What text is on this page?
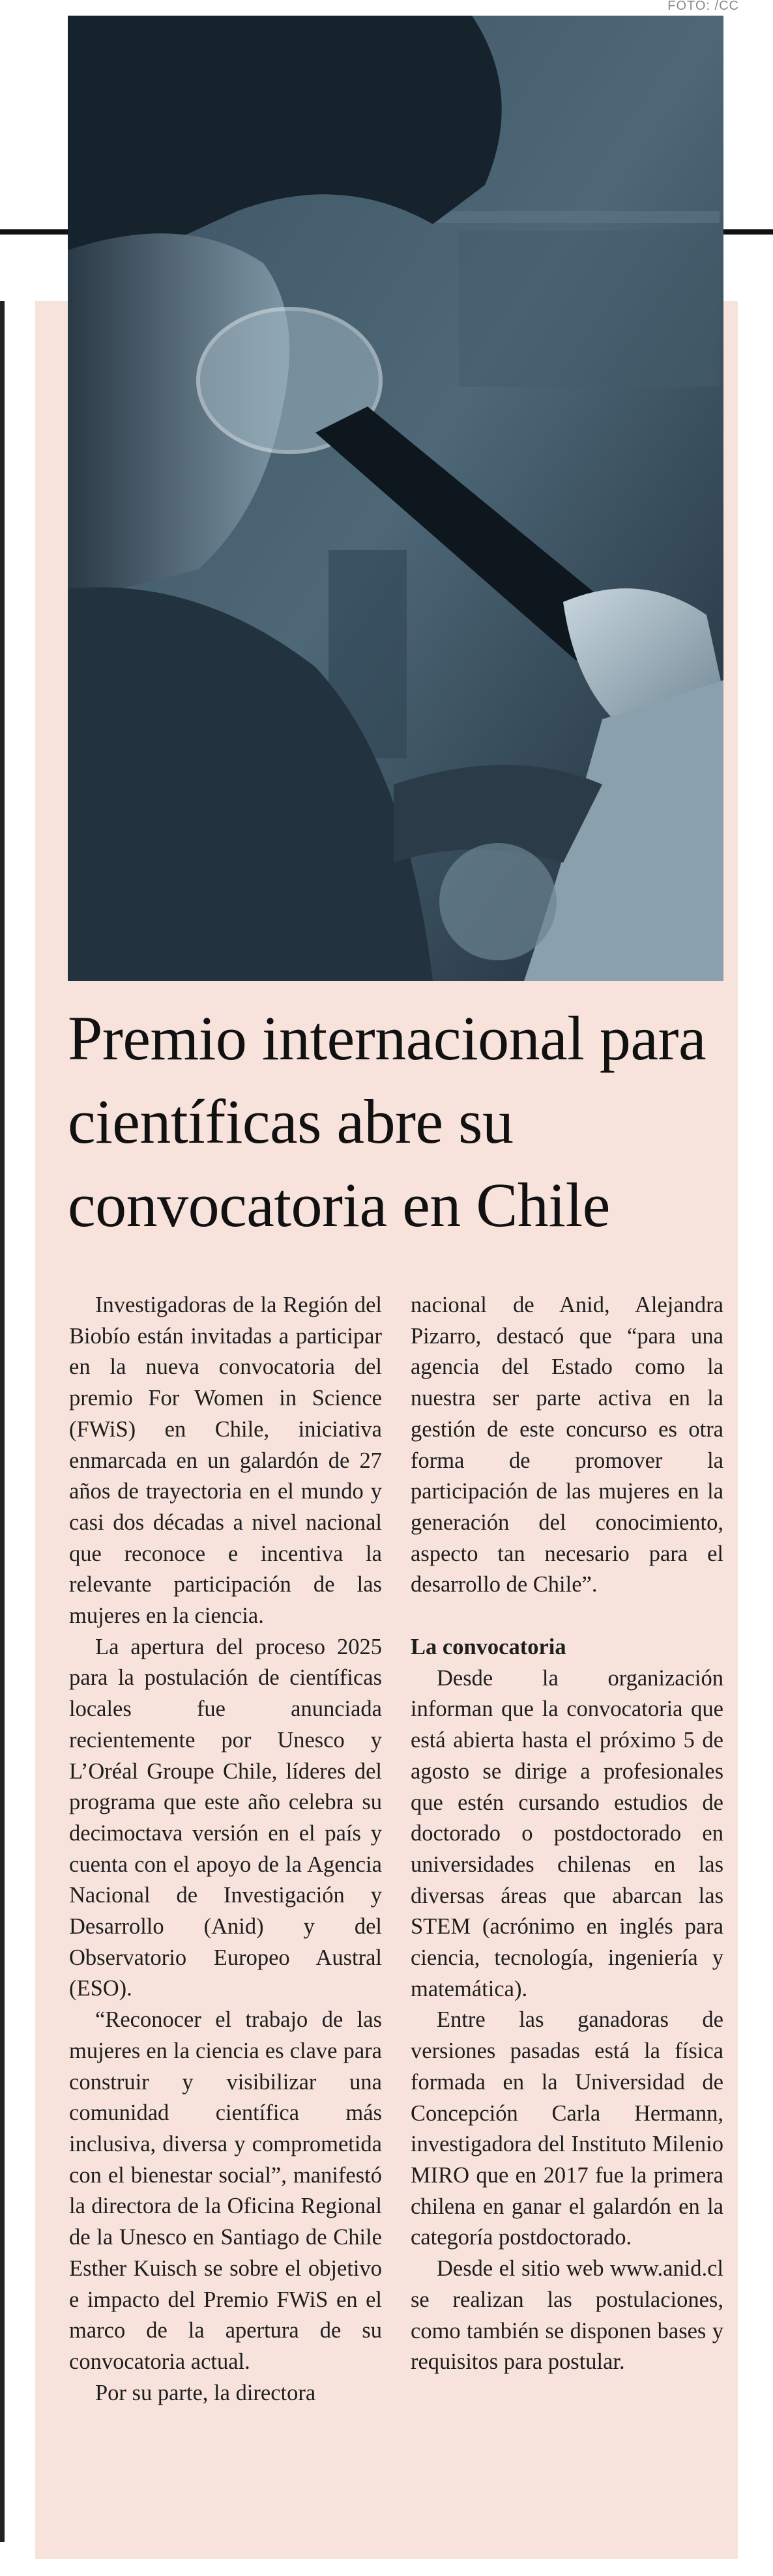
FOTO: /CC
Premio internacional para científicas abre su convocatoria en Chile

Investigadoras de la Región del Biobío están invitadas a participar en la nueva convocatoria del premio For Women in Science (FWiS) en Chile, iniciativa enmarcada en un galardón de 27 años de trayectoria en el mundo y casi dos décadas a nivel nacional que reconoce e incentiva la relevante participación de las mujeres en la ciencia.

La apertura del proceso 2025 para la postulación de científicas locales fue anunciada recientemente por Unesco y L’Oréal Groupe Chile, líderes del programa que este año celebra su decimoctava versión en el país y cuenta con el apoyo de la Agencia Nacional de Investigación y Desarrollo (Anid) y del Observatorio Europeo Austral (ESO).

“Reconocer el trabajo de las mujeres en la ciencia es clave para construir y visibilizar una comunidad científica más inclusiva, diversa y comprometida con el bienestar social”, manifestó la directora de la Oficina Regional de la Unesco en Santiago de Chile Esther Kuisch se sobre el objetivo e impacto del Premio FWiS en el marco de la apertura de su convocatoria actual.

Por su parte, la directora

nacional de Anid, Alejandra Pizarro, destacó que “para una agencia del Estado como la nuestra ser parte activa en la gestión de este concurso es otra forma de promover la participación de las mujeres en la generación del conocimiento, aspecto tan necesario para el desarrollo de Chile”.

La convocatoria

Desde la organización informan que la convocatoria que está abierta hasta el próximo 5 de agosto se dirige a profesionales que estén cursando estudios de doctorado o postdoctorado en universidades chilenas en las diversas áreas que abarcan las STEM (acrónimo en inglés para ciencia, tecnología, ingeniería y matemática).

Entre las ganadoras de versiones pasadas está la física formada en la Universidad de Concepción Carla Hermann, investigadora del Instituto Milenio MIRO que en 2017 fue la primera chilena en ganar el galardón en la categoría postdoctorado.

Desde el sitio web www.anid.cl se realizan las postulaciones, como también se disponen bases y requisitos para postular.
